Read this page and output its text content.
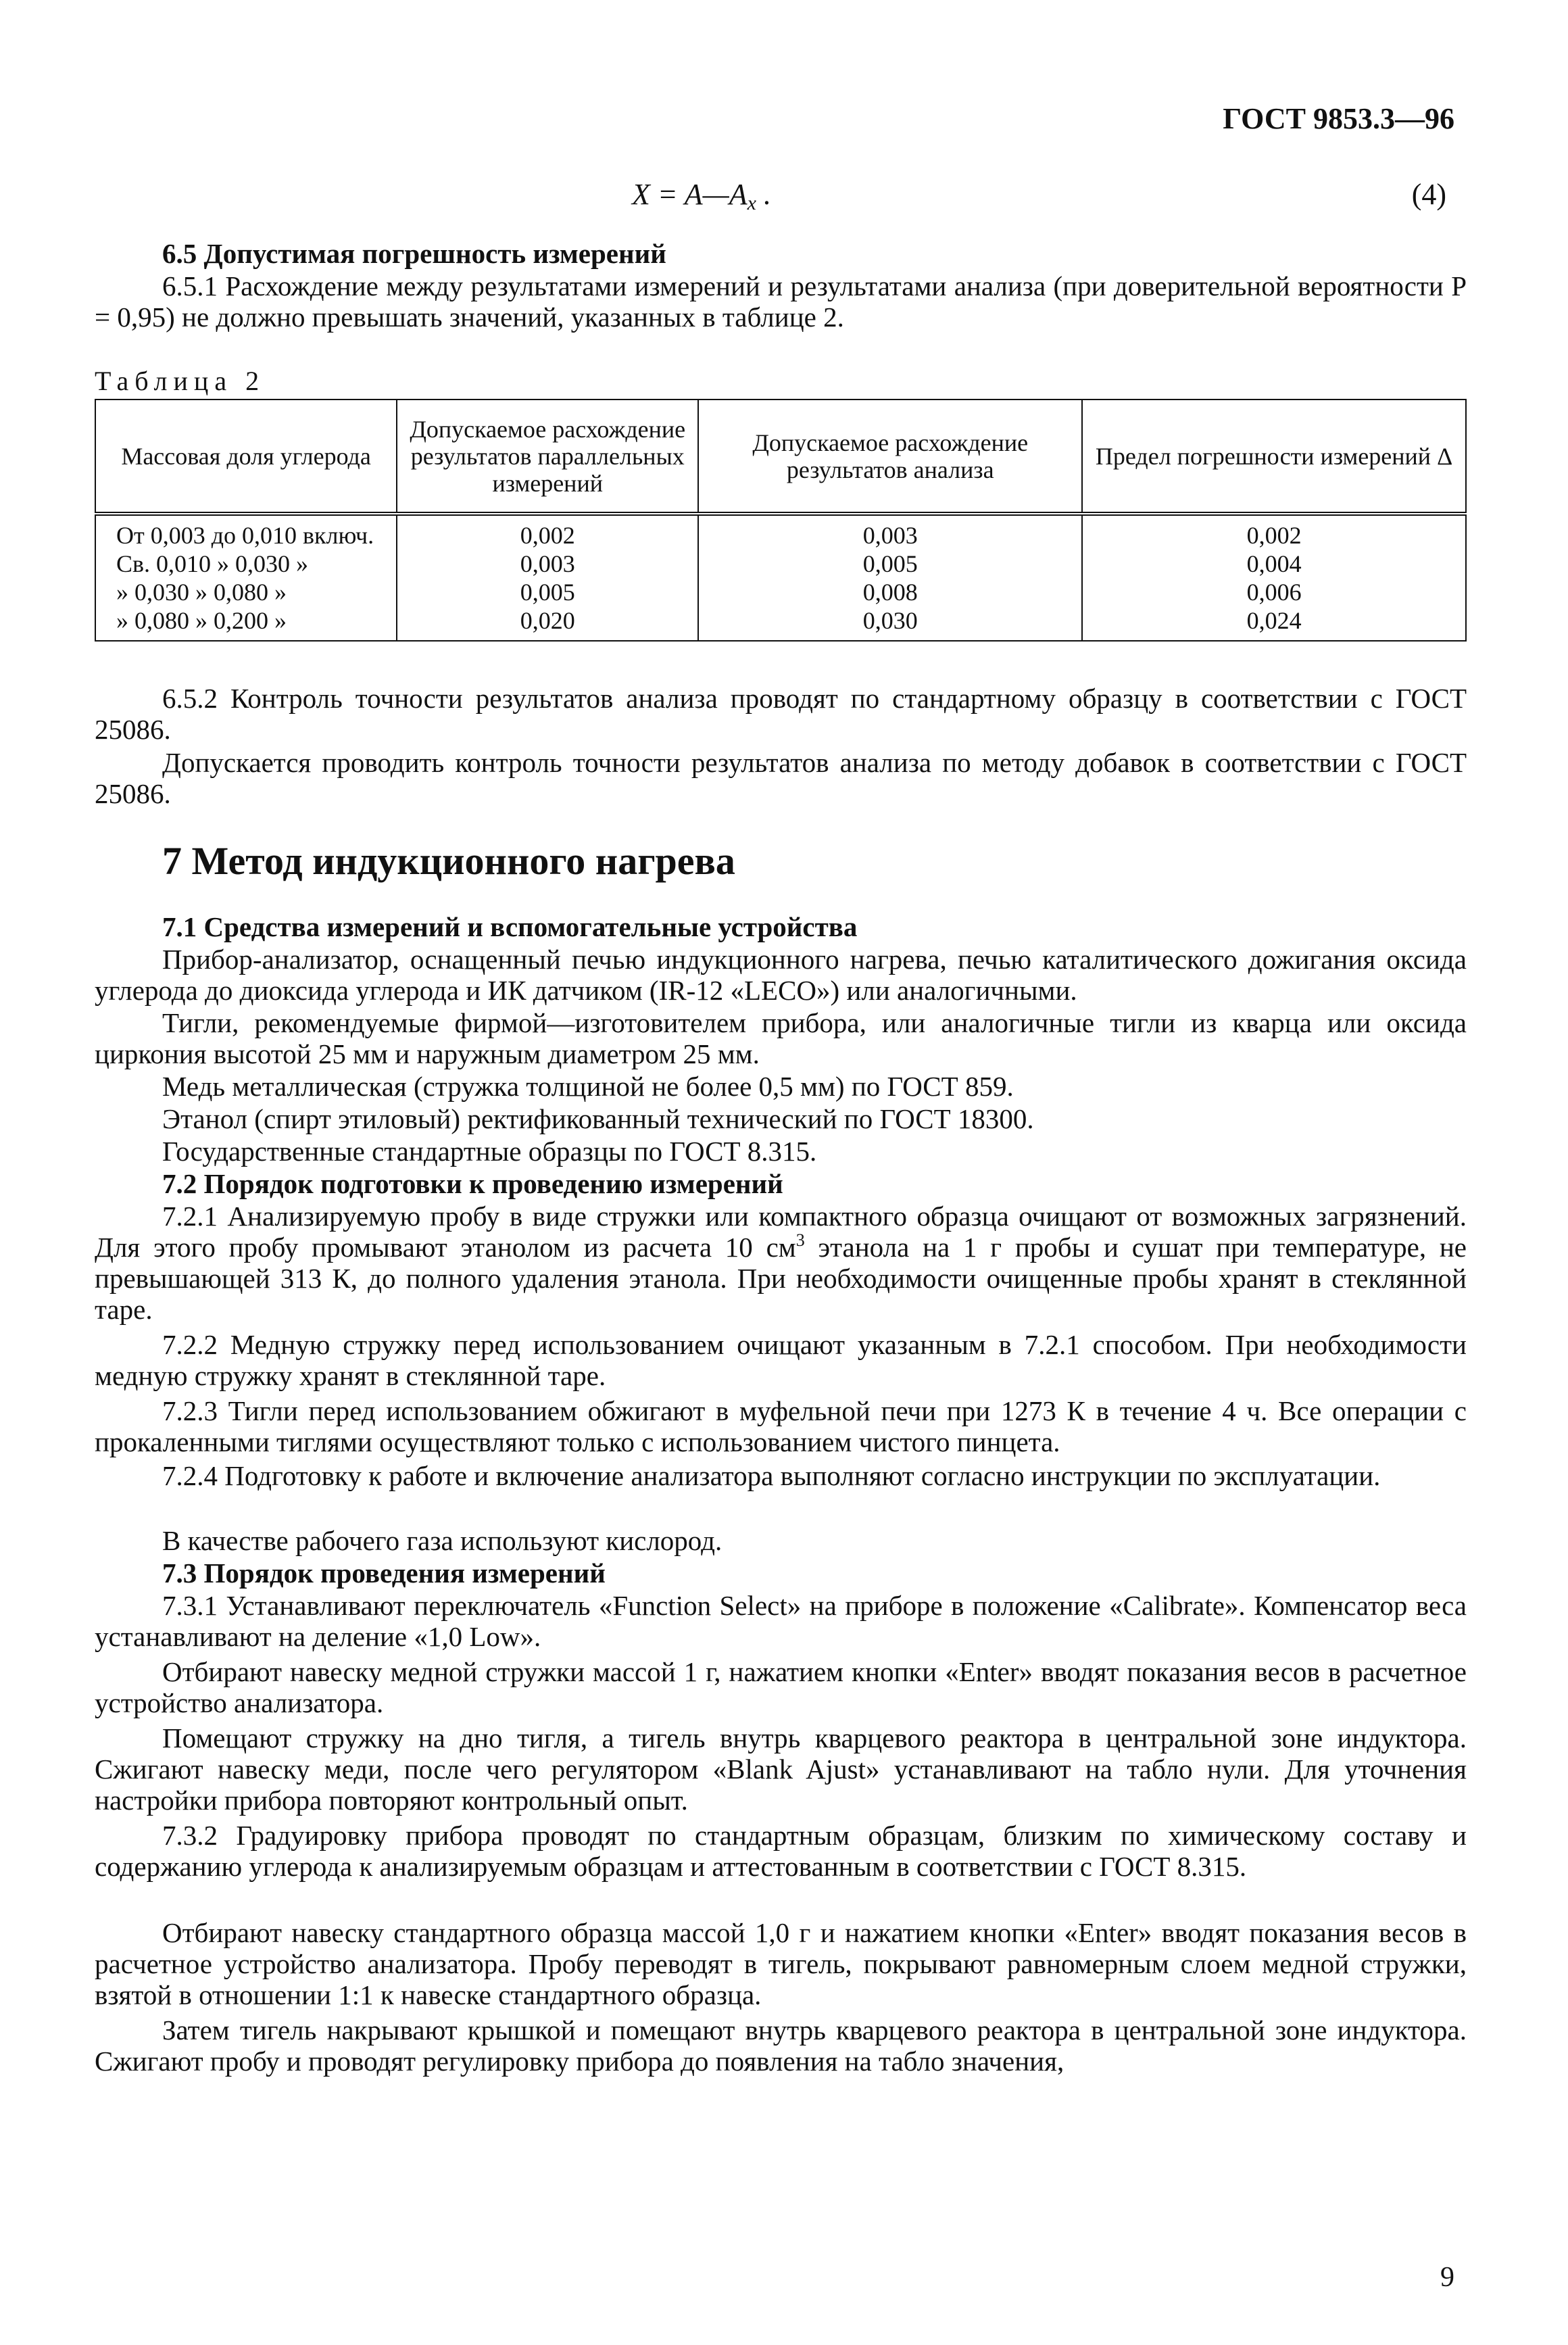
ГОСТ 9853.3—96
$X = A—A_x$ .	(4)
6.5 Допустимая погрешность измерений
6.5.1 Расхождение между результатами измерений и результатами анализа (при доверительной вероятности P = 0,95) не должно превышать значений, указанных в таблице 2.
Таблица 2
Массовая доля углерода	Допускаемое расхождение результатов параллельных измерений	Допускаемое расхождение результатов анализа	Предел погрешности измерений Δ
От 0,003 до 0,010 включ.	0,002	0,003	0,002
Св. 0,010 » 0,030 »	0,003	0,005	0,004
» 0,030 » 0,080 »	0,005	0,008	0,006
» 0,080 » 0,200 »	0,020	0,030	0,024
6.5.2 Контроль точности результатов анализа проводят по стандартному образцу в соответствии с ГОСТ 25086.
Допускается проводить контроль точности результатов анализа по методу добавок в соответствии с ГОСТ 25086.
7 Метод индукционного нагрева
7.1 Средства измерений и вспомогательные устройства
Прибор-анализатор, оснащенный печью индукционного нагрева, печью каталитического дожигания оксида углерода до диоксида углерода и ИК датчиком (IR-12 «LECO») или аналогичными.
Тигли, рекомендуемые фирмой—изготовителем прибора, или аналогичные тигли из кварца или оксида циркония высотой 25 мм и наружным диаметром 25 мм.
Медь металлическая (стружка толщиной не более 0,5 мм) по ГОСТ 859.
Этанол (спирт этиловый) ректификованный технический по ГОСТ 18300.
Государственные стандартные образцы по ГОСТ 8.315.
7.2 Порядок подготовки к проведению измерений
7.2.1 Анализируемую пробу в виде стружки или компактного образца очищают от возможных загрязнений. Для этого пробу промывают этанолом из расчета 10 $см^3$ этанола на 1 г пробы и сушат при температуре, не превышающей 313 К, до полного удаления этанола. При необходимости очищенные пробы хранят в стеклянной таре.
7.2.2 Медную стружку перед использованием очищают указанным в 7.2.1 способом. При необходимости медную стружку хранят в стеклянной таре.
7.2.3 Тигли перед использованием обжигают в муфельной печи при 1273 К в течение 4 ч. Все операции с прокаленными тиглями осуществляют только с использованием чистого пинцета.
7.2.4 Подготовку к работе и включение анализатора выполняют согласно инструкции по эксплуатации.
В качестве рабочего газа используют кислород.
7.3 Порядок проведения измерений
7.3.1 Устанавливают переключатель «Function Select» на приборе в положение «Calibrate». Компенсатор веса устанавливают на деление «1,0 Low».
Отбирают навеску медной стружки массой 1 г, нажатием кнопки «Enter» вводят показания весов в расчетное устройство анализатора.
Помещают стружку на дно тигля, а тигель внутрь кварцевого реактора в центральной зоне индуктора. Сжигают навеску меди, после чего регулятором «Blank Ajust» устанавливают на табло нули. Для уточнения настройки прибора повторяют контрольный опыт.
7.3.2 Градуировку прибора проводят по стандартным образцам, близким по химическому составу и содержанию углерода к анализируемым образцам и аттестованным в соответствии с ГОСТ 8.315.
Отбирают навеску стандартного образца массой 1,0 г и нажатием кнопки «Enter» вводят показания весов в расчетное устройство анализатора. Пробу переводят в тигель, покрывают равномерным слоем медной стружки, взятой в отношении 1:1 к навеске стандартного образца.
Затем тигель накрывают крышкой и помещают внутрь кварцевого реактора в центральной зоне индуктора. Сжигают пробу и проводят регулировку прибора до появления на табло значения,
9
